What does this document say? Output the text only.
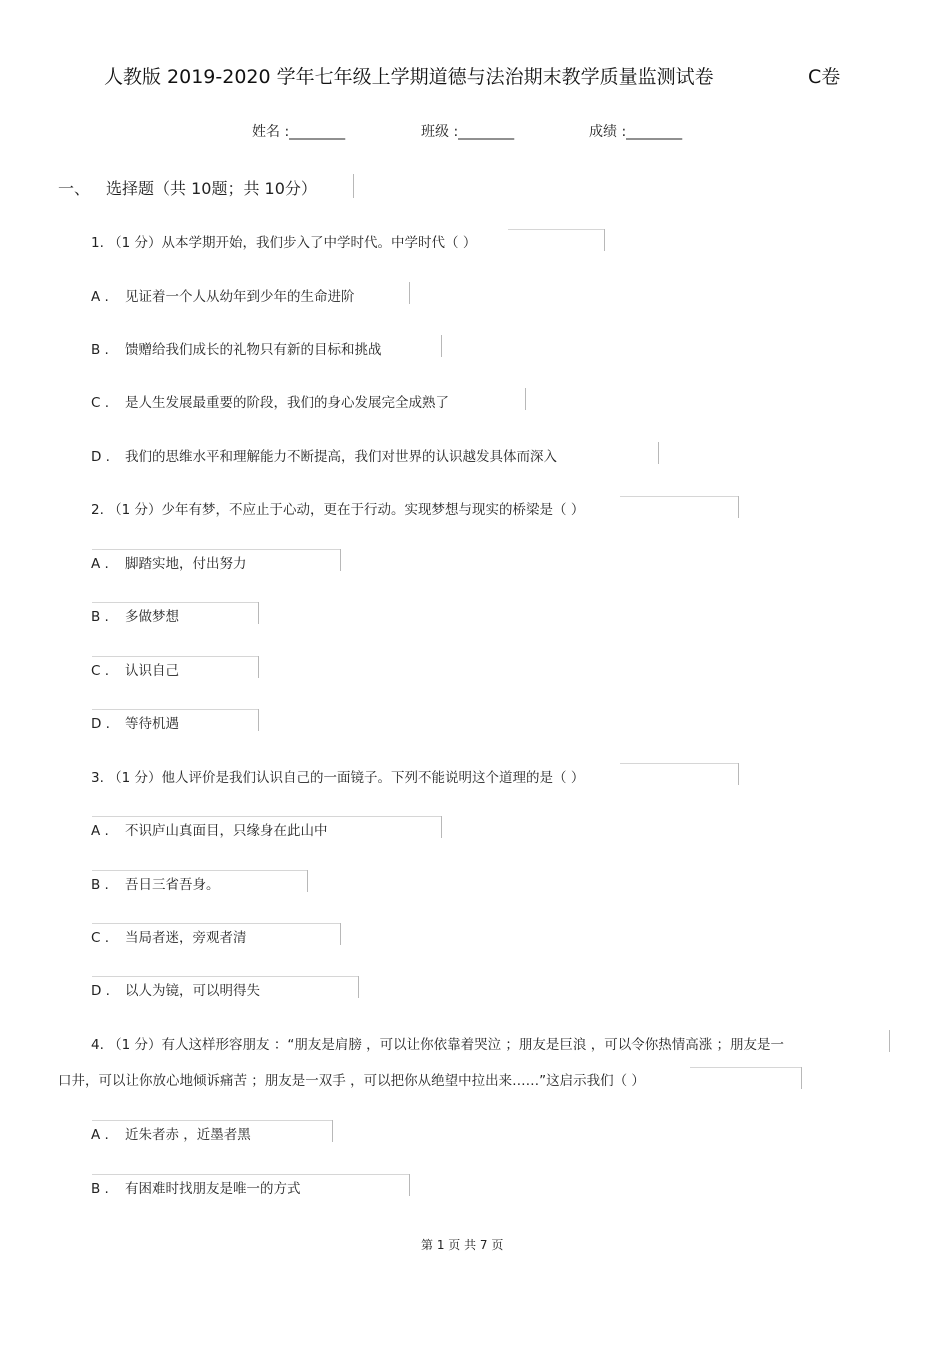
人教版 2019-2020 学年七年级上学期道德与法治期末教学质量监测试卷	C卷
姓名 :________	班级 :________	成绩 :________
一、 选择题（共 10题；共 10分）
1. （1 分）从本学期开始，我们步入了中学时代。中学时代（ ）
A . 见证着一个人从幼年到少年的生命进阶
B . 馈赠给我们成长的礼物只有新的目标和挑战
C . 是人生发展最重要的阶段，我们的身心发展完全成熟了
D . 我们的思维水平和理解能力不断提高，我们对世界的认识越发具体而深入
2. （1 分）少年有梦，不应止于心动，更在于行动。实现梦想与现实的桥梁是（ ）
A . 脚踏实地，付出努力
B . 多做梦想
C . 认识自己
D . 等待机遇
3. （1 分）他人评价是我们认识自己的一面镜子。下列不能说明这个道理的是（ ）
A . 不识庐山真面目，只缘身在此山中
B . 吾日三省吾身。
C . 当局者迷，旁观者清
D . 以人为镜，可以明得失
4. （1 分）有人这样形容朋友 ：“朋友是肩膀 ，可以让你依靠着哭泣 ；朋友是巨浪 ，可以令你热情高涨 ；朋友是一
口井，可以让你放心地倾诉痛苦 ；朋友是一双手 ，可以把你从绝望中拉出来……”这启示我们（ ）
A . 近朱者赤 ，近墨者黑
B . 有困难时找朋友是唯一的方式
第 1 页 共 7 页
